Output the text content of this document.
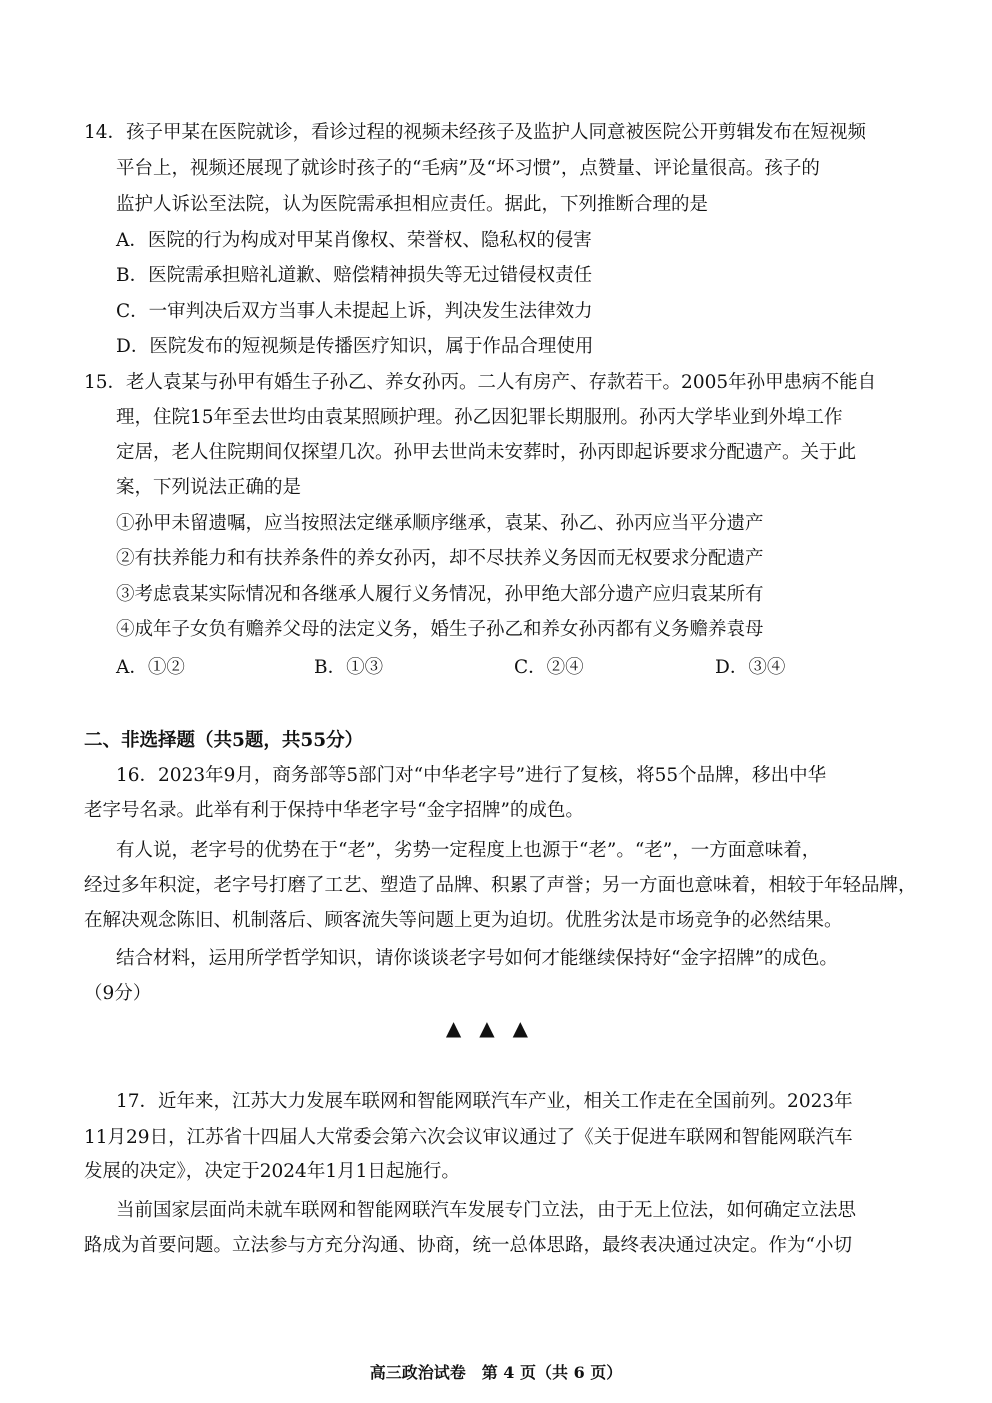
14．孩子甲某在医院就诊，看诊过程的视频未经孩子及监护人同意被医院公开剪辑发布在短视频
平台上，视频还展现了就诊时孩子的“毛病”及“坏习惯”，点赞量、评论量很高。孩子的
监护人诉讼至法院，认为医院需承担相应责任。据此，下列推断合理的是
A．医院的行为构成对甲某肖像权、荣誉权、隐私权的侵害
B．医院需承担赔礼道歉、赔偿精神损失等无过错侵权责任
C．一审判决后双方当事人未提起上诉，判决发生法律效力
D．医院发布的短视频是传播医疗知识，属于作品合理使用
15．老人袁某与孙甲有婚生子孙乙、养女孙丙。二人有房产、存款若干。2005年孙甲患病不能自
理，住院15年至去世均由袁某照顾护理。孙乙因犯罪长期服刑。孙丙大学毕业到外埠工作
定居，老人住院期间仅探望几次。孙甲去世尚未安葬时，孙丙即起诉要求分配遗产。关于此
案，下列说法正确的是
①孙甲未留遗嘱，应当按照法定继承顺序继承，袁某、孙乙、孙丙应当平分遗产
②有扶养能力和有扶养条件的养女孙丙，却不尽扶养义务因而无权要求分配遗产
③考虑袁某实际情况和各继承人履行义务情况，孙甲绝大部分遗产应归袁某所有
④成年子女负有赡养父母的法定义务，婚生子孙乙和养女孙丙都有义务赡养袁母
A．①②	B．①③	C．②④	D．③④
二、非选择题（共5题，共55分）
16．2023年9月，商务部等5部门对“中华老字号”进行了复核，将55个品牌，移出中华
老字号名录。此举有利于保持中华老字号“金字招牌”的成色。
有人说，老字号的优势在于“老”，劣势一定程度上也源于“老”。“老”，一方面意味着，
经过多年积淀，老字号打磨了工艺、塑造了品牌、积累了声誉；另一方面也意味着，相较于年轻品牌，
在解决观念陈旧、机制落后、顾客流失等问题上更为迫切。优胜劣汰是市场竞争的必然结果。
结合材料，运用所学哲学知识，请你谈谈老字号如何才能继续保持好“金字招牌”的成色。
（9分）
▲▲▲
17．近年来，江苏大力发展车联网和智能网联汽车产业，相关工作走在全国前列。2023年
11月29日，江苏省十四届人大常委会第六次会议审议通过了《关于促进车联网和智能网联汽车
发展的决定》，决定于2024年1月1日起施行。
当前国家层面尚未就车联网和智能网联汽车发展专门立法，由于无上位法，如何确定立法思
路成为首要问题。立法参与方充分沟通、协商，统一总体思路，最终表决通过决定。作为“小切
高三政治试卷　第 4 页（共 6 页）
